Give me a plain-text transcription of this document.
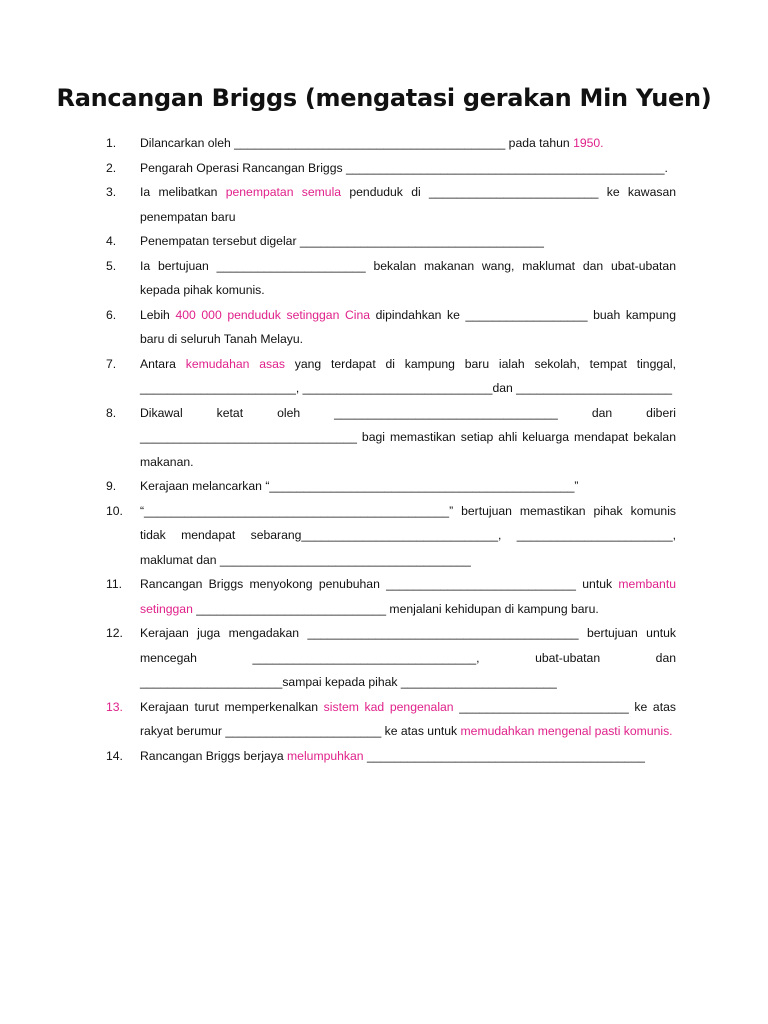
Rancangan Briggs (mengatasi gerakan Min Yuen)
1.	Dilancarkan oleh ________________________________________ pada tahun 1950.

2.	Pengarah Operasi Rancangan Briggs _______________________________________________.

3.	Ia melibatkan penempatan semula penduduk di _________________________ ke kawasan penempatan baru

4.	Penempatan tersebut digelar ____________________________________

5.	Ia bertujuan ______________________ bekalan makanan wang, maklumat dan ubat-ubatan kepada pihak komunis.

6.	Lebih 400 000 penduduk setinggan Cina dipindahkan ke __________________ buah kampung baru di seluruh Tanah Melayu.

7.	Antara kemudahan asas yang terdapat di kampung baru ialah sekolah, tempat tinggal, _______________________, ____________________________dan _______________________

8.	Dikawal ketat oleh _________________________________ dan diberi ________________________________ bagi memastikan setiap ahli keluarga mendapat bekalan makanan.

9.	Kerajaan melancarkan “_____________________________________________”

10.	“_____________________________________________” bertujuan memastikan pihak komunis tidak mendapat sebarang_____________________________, _______________________, maklumat dan _____________________________________

11.	Rancangan Briggs menyokong penubuhan ____________________________ untuk membantu setinggan ____________________________ menjalani kehidupan di kampung baru.

12.	Kerajaan juga mengadakan ________________________________________ bertujuan untuk mencegah _________________________________, ubat-ubatan dan _____________________sampai kepada pihak _______________________

13.	Kerajaan turut memperkenalkan sistem kad pengenalan _________________________ ke atas rakyat berumur _______________________ ke atas untuk memudahkan mengenal pasti komunis.

14.	Rancangan Briggs berjaya melumpuhkan _________________________________________
